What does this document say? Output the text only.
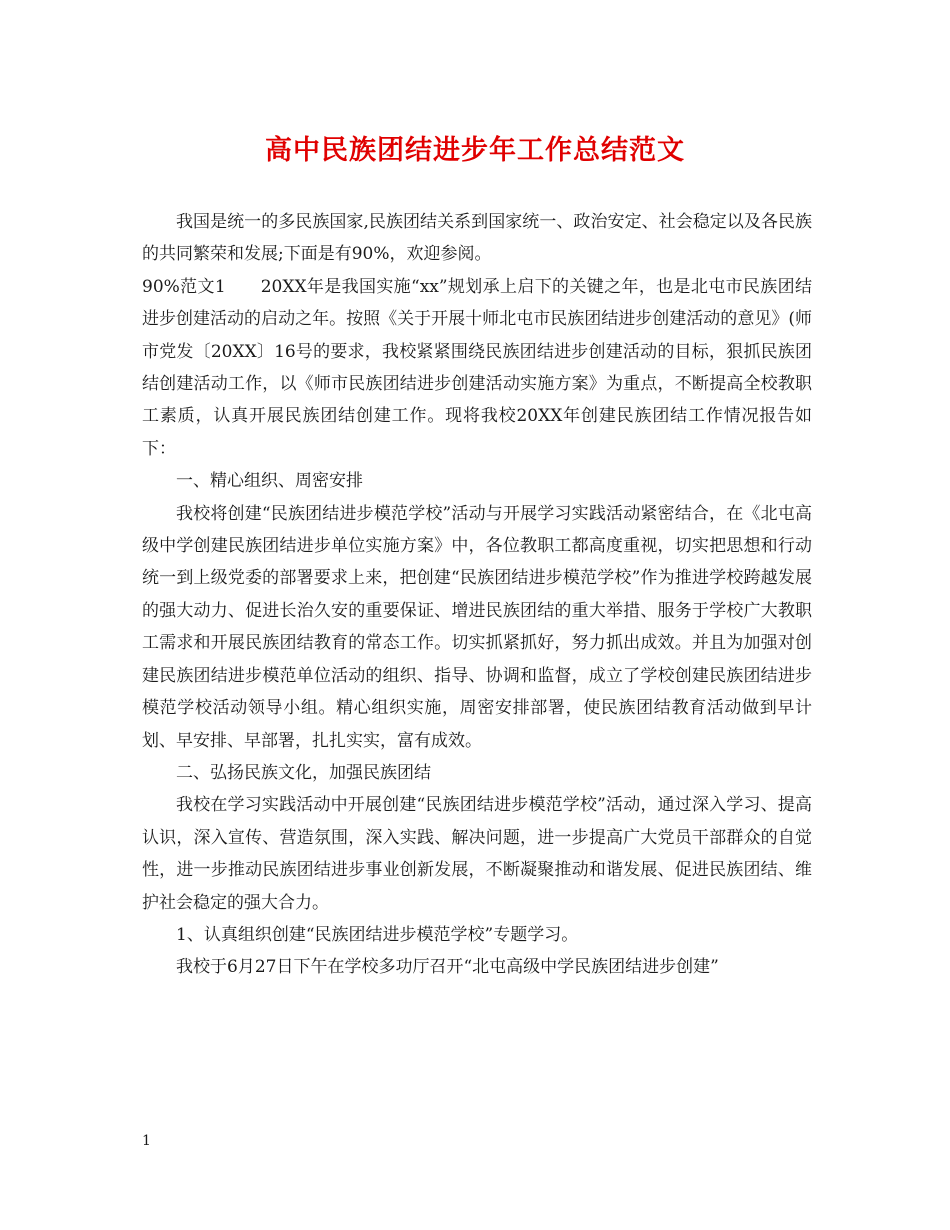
高中民族团结进步年工作总结范文

我国是统一的多民族国家,民族团结关系到国家统一、政治安定、社会稳定以及各民族的共同繁荣和发展;下面是有90%，欢迎参阅。

90%范文1　　20XX年是我国实施“xx”规划承上启下的关键之年，也是北屯市民族团结进步创建活动的启动之年。按照《关于开展十师北屯市民族团结进步创建活动的意见》(师市党发〔20XX〕16号的要求，我校紧紧围绕民族团结进步创建活动的目标，狠抓民族团结创建活动工作，以《师市民族团结进步创建活动实施方案》为重点，不断提高全校教职工素质，认真开展民族团结创建工作。现将我校20XX年创建民族团结工作情况报告如下：

一、精心组织、周密安排

我校将创建“民族团结进步模范学校”活动与开展学习实践活动紧密结合，在《北屯高级中学创建民族团结进步单位实施方案》中，各位教职工都高度重视，切实把思想和行动统一到上级党委的部署要求上来，把创建“民族团结进步模范学校”作为推进学校跨越发展的强大动力、促进长治久安的重要保证、增进民族团结的重大举措、服务于学校广大教职工需求和开展民族团结教育的常态工作。切实抓紧抓好，努力抓出成效。并且为加强对创建民族团结进步模范单位活动的组织、指导、协调和监督，成立了学校创建民族团结进步模范学校活动领导小组。精心组织实施，周密安排部署，使民族团结教育活动做到早计划、早安排、早部署，扎扎实实，富有成效。

二、弘扬民族文化，加强民族团结

我校在学习实践活动中开展创建“民族团结进步模范学校”活动，通过深入学习、提高认识，深入宣传、营造氛围，深入实践、解决问题，进一步提高广大党员干部群众的自觉性，进一步推动民族团结进步事业创新发展，不断凝聚推动和谐发展、促进民族团结、维护社会稳定的强大合力。

1、认真组织创建“民族团结进步模范学校”专题学习。

我校于6月27日下午在学校多功厅召开“北屯高级中学民族团结进步创建”

1
